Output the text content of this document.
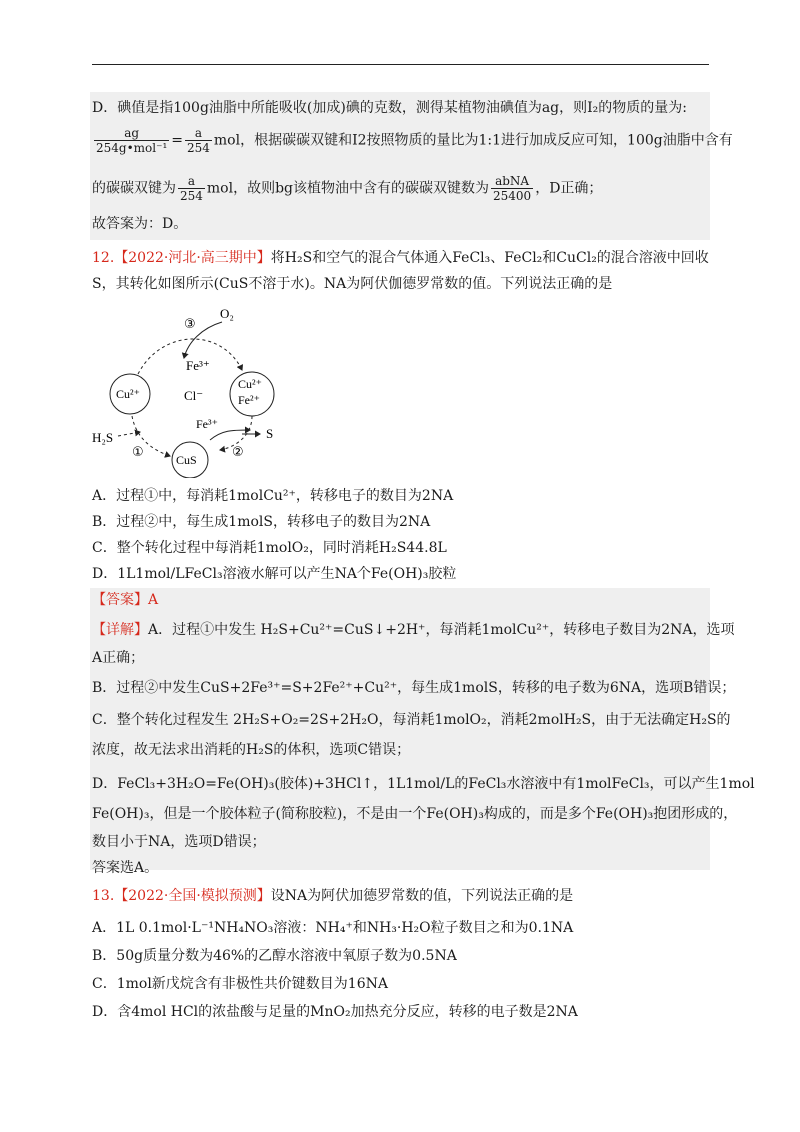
D．碘值是指100g油脂中所能吸收(加成)碘的克数，测得某植物油碘值为ag，则I₂的物质的量为:
$\frac{ag}{\text{254g•mol⁻¹}} = \frac{a}{254}$ mol，根据碳碳双键和I2按照物质的量比为1:1进行加成反应可知，100g油脂中含有
的碳碳双键为 $\frac{a}{254}$ mol，故则bg该植物油中含有的碳碳双键数为 $\frac{\text{abNA}}{25400}$ ，D正确；
故答案为：D。
12.【2022·河北·高三期中】将H₂S和空气的混合气体通入FeCl₃、FeCl₂和CuCl₂的混合溶液中回收
S，其转化如图所示(CuS不溶于水)。NA为阿伏伽德罗常数的值。下列说法正确的是
O₂
③
Fe³⁺
Cl⁻
Cu²⁺
Cu²⁺
Fe²⁺
Fe³⁺
S
H₂S
①	CuS	②
A．过程①中，每消耗1molCu²⁺，转移电子的数目为2NA
B．过程②中，每生成1molS，转移电子的数目为2NA
C．整个转化过程中每消耗1molO₂，同时消耗H₂S44.8L
D．1L1mol/LFeCl₃溶液水解可以产生NA个Fe(OH)₃胶粒
【答案】A
【详解】A．过程①中发生 H₂S+Cu²⁺=CuS↓+2H⁺，每消耗1molCu²⁺，转移电子数目为2NA，选项
A正确；
B．过程②中发生CuS+2Fe³⁺=S+2Fe²⁺+Cu²⁺，每生成1molS，转移的电子数为6NA，选项B错误；
C．整个转化过程发生 2H₂S+O₂=2S+2H₂O，每消耗1molO₂，消耗2molH₂S，由于无法确定H₂S的
浓度，故无法求出消耗的H₂S的体积，选项C错误；
D．FeCl₃+3H₂O=Fe(OH)₃(胶体)+3HCl↑，1L1mol/L的FeCl₃水溶液中有1molFeCl₃，可以产生1mol
Fe(OH)₃，但是一个胶体粒子(简称胶粒)，不是由一个Fe(OH)₃构成的，而是多个Fe(OH)₃抱团形成的，
数目小于NA，选项D错误；
答案选A。
13.【2022·全国·模拟预测】设NA为阿伏加德罗常数的值，下列说法正确的是
A．1L 0.1mol·L⁻¹NH₄NO₃溶液：NH₄⁺和NH₃·H₂O粒子数目之和为0.1NA
B．50g质量分数为46%的乙醇水溶液中氧原子数为0.5NA
C．1mol新戊烷含有非极性共价键数目为16NA
D．含4mol HCl的浓盐酸与足量的MnO₂加热充分反应，转移的电子数是2NA
